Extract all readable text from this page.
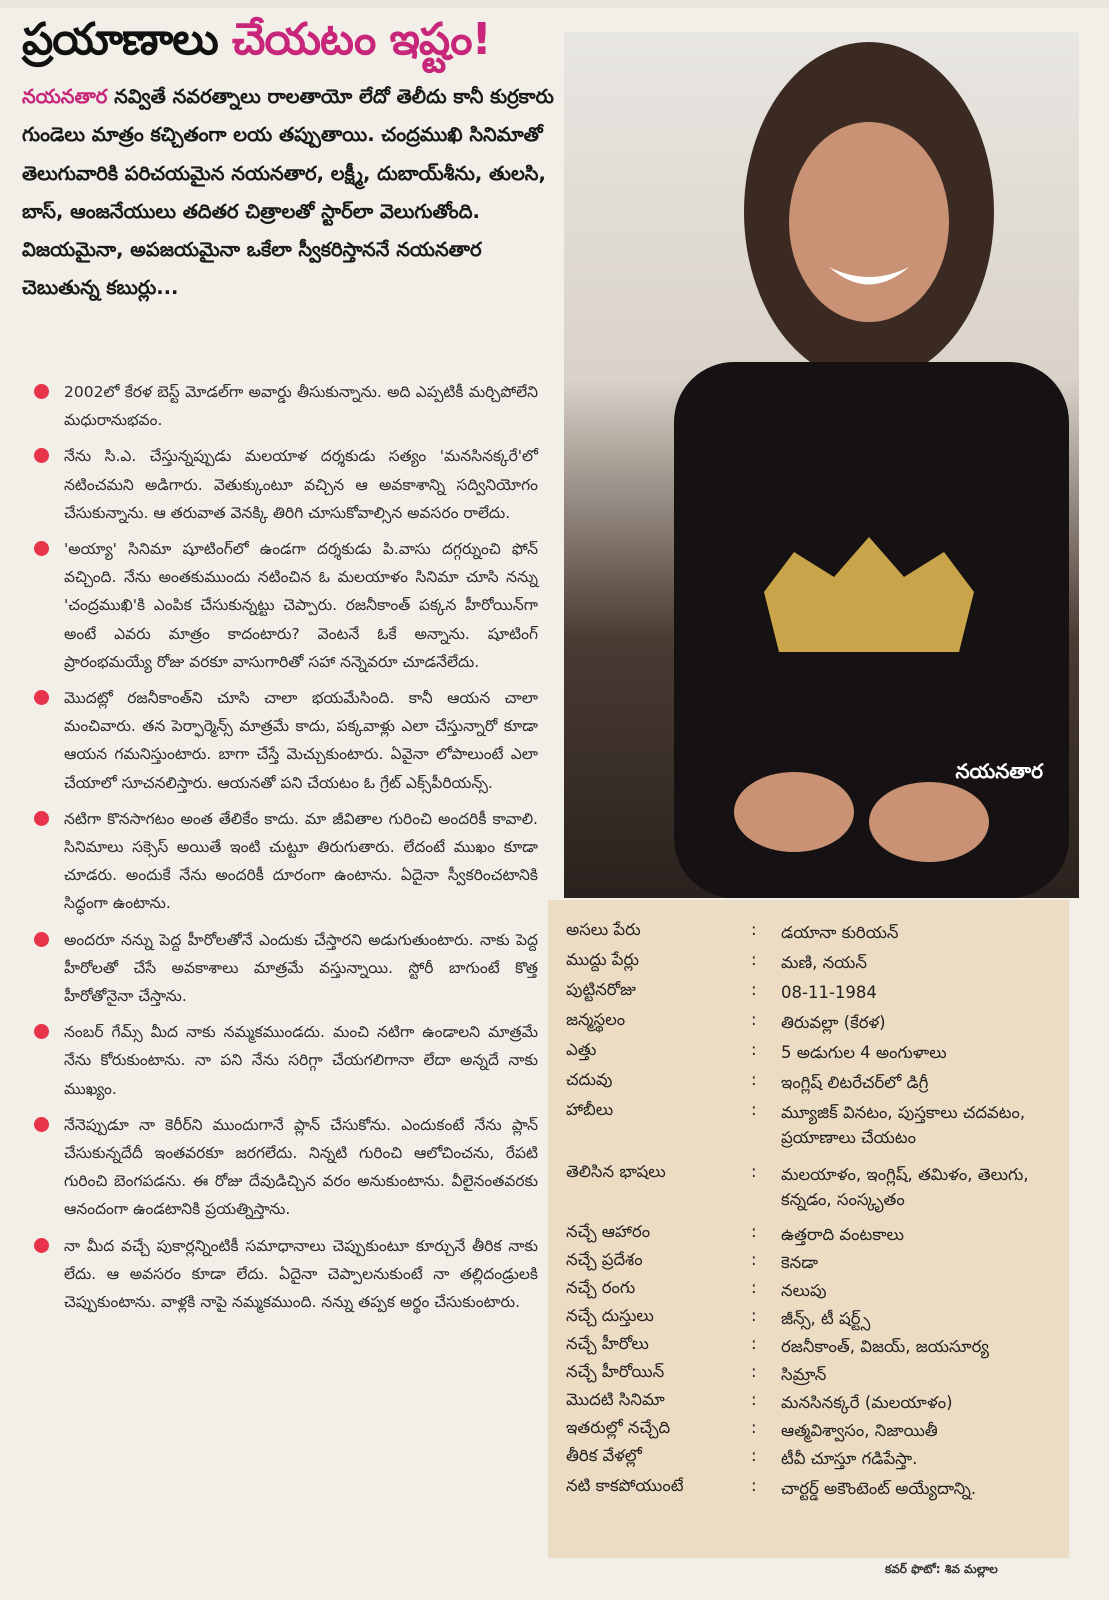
ప్రయాణాలు చేయటం ఇష్టం!
నయనతార నవ్వితే నవరత్నాలు రాలతాయో లేదో తెలీదు కానీ కుర్రకారు గుండెలు మాత్రం కచ్చితంగా లయ తప్పుతాయి. చంద్రముఖి సినిమాతో తెలుగువారికి పరిచయమైన నయనతార, లక్ష్మీ, దుబాయ్‌శీను, తులసి, బాస్, ఆంజనేయులు తదితర చిత్రాలతో స్టార్‌లా వెలుగుతోంది. విజయమైనా, అపజయమైనా ఒకేలా స్వీకరిస్తాననే నయనతార చెబుతున్న కబుర్లు...
2002లో కేరళ బెస్ట్ మోడల్‌గా అవార్డు తీసుకున్నాను. అది ఎప్పటికీ మర్చిపోలేని మధురానుభవం.
నేను సి.ఎ. చేస్తున్నప్పుడు మలయాళ దర్శకుడు సత్యం 'మనసినక్కరే'లో నటించమని అడిగారు. వెతుక్కుంటూ వచ్చిన ఆ అవకాశాన్ని సద్వినియోగం చేసుకున్నాను. ఆ తరువాత వెనక్కి తిరిగి చూసుకోవాల్సిన అవసరం రాలేదు.
'అయ్యా' సినిమా షూటింగ్‌లో ఉండగా దర్శకుడు పి.వాసు దగ్గర్నుంచి ఫోన్ వచ్చింది. నేను అంతకుముందు నటించిన ఓ మలయాళం సినిమా చూసి నన్ను 'చంద్రముఖి'కి ఎంపిక చేసుకున్నట్టు చెప్పారు. రజనీకాంత్ పక్కన హీరోయిన్‌గా అంటే ఎవరు మాత్రం కాదంటారు? వెంటనే ఓకే అన్నాను. షూటింగ్ ప్రారంభమయ్యే రోజు వరకూ వాసుగారితో సహా నన్నెవరూ చూడనేలేదు.
మొదట్లో రజనీకాంత్‌ని చూసి చాలా భయమేసింది. కానీ ఆయన చాలా మంచివారు. తన పెర్ఫార్మెన్స్ మాత్రమే కాదు, పక్కవాళ్లు ఎలా చేస్తున్నారో కూడా ఆయన గమనిస్తుంటారు. బాగా చేస్తే మెచ్చుకుంటారు. ఏవైనా లోపాలుంటే ఎలా చేయాలో సూచనలిస్తారు. ఆయనతో పని చేయటం ఓ గ్రేట్ ఎక్స్‌పీరియన్స్.
నటిగా కొనసాగటం అంత తేలికేం కాదు. మా జీవితాల గురించి అందరికీ కావాలి. సినిమాలు సక్సెస్ అయితే ఇంటి చుట్టూ తిరుగుతారు. లేదంటే ముఖం కూడా చూడరు. అందుకే నేను అందరికీ దూరంగా ఉంటాను. ఏదైనా స్వీకరించటానికి సిద్ధంగా ఉంటాను.
అందరూ నన్ను పెద్ద హీరోలతోనే ఎందుకు చేస్తారని అడుగుతుంటారు. నాకు పెద్ద హీరోలతో చేసే అవకాశాలు మాత్రమే వస్తున్నాయి. స్టోరీ బాగుంటే కొత్త హీరోతోనైనా చేస్తాను.
నంబర్ గేమ్స్ మీద నాకు నమ్మకముండదు. మంచి నటిగా ఉండాలని మాత్రమే నేను కోరుకుంటాను. నా పని నేను సరిగ్గా చేయగలిగానా లేదా అన్నదే నాకు ముఖ్యం.
నేనెప్పుడూ నా కెరీర్‌ని ముందుగానే ప్లాన్ చేసుకోను. ఎందుకంటే నేను ప్లాన్ చేసుకున్నదేదీ ఇంతవరకూ జరగలేదు. నిన్నటి గురించి ఆలోచించను, రేపటి గురించి బెంగపడను. ఈ రోజు దేవుడిచ్చిన వరం అనుకుంటాను. వీలైనంతవరకు ఆనందంగా ఉండటానికి ప్రయత్నిస్తాను.
నా మీద వచ్చే పుకార్లన్నింటికీ సమాధానాలు చెప్పుకుంటూ కూర్చునే తీరిక నాకు లేదు. ఆ అవసరం కూడా లేదు. ఏదైనా చెప్పాలనుకుంటే నా తల్లిదండ్రులకి చెప్పుకుంటాను. వాళ్లకి నాపై నమ్మకముంది. నన్ను తప్పక అర్థం చేసుకుంటారు.
నయనతార
అసలు పేరు	: డయానా కురియన్
ముద్దు పేర్లు	: మణి, నయన్
పుట్టినరోజు	: 08-11-1984
జన్మస్థలం	: తిరువల్లా (కేరళ)
ఎత్తు	: 5 అడుగుల 4 అంగుళాలు
చదువు	: ఇంగ్లిష్ లిటరేచర్‌లో డిగ్రీ
హాబీలు	: మ్యూజిక్ వినటం, పుస్తకాలు చదవటం, ప్రయాణాలు చేయటం
తెలిసిన భాషలు	: మలయాళం, ఇంగ్లిష్, తమిళం, తెలుగు, కన్నడం, సంస్కృతం
నచ్చే ఆహారం	: ఉత్తరాది వంటకాలు
నచ్చే ప్రదేశం	: కెనడా
నచ్చే రంగు	: నలుపు
నచ్చే దుస్తులు	: జీన్స్, టీ షర్ట్స్
నచ్చే హీరోలు	: రజనీకాంత్, విజయ్, జయసూర్య
నచ్చే హీరోయిన్	: సిమ్రాన్
మొదటి సినిమా	: మనసినక్కరే (మలయాళం)
ఇతరుల్లో నచ్చేది	: ఆత్మవిశ్వాసం, నిజాయితీ
తీరిక వేళల్లో	: టీవీ చూస్తూ గడిపేస్తా.
నటి కాకపోయుంటే	: చార్టర్డ్ అకౌంటెంట్ అయ్యేదాన్ని.
కవర్ ఫొటో: శివ మల్లాల
